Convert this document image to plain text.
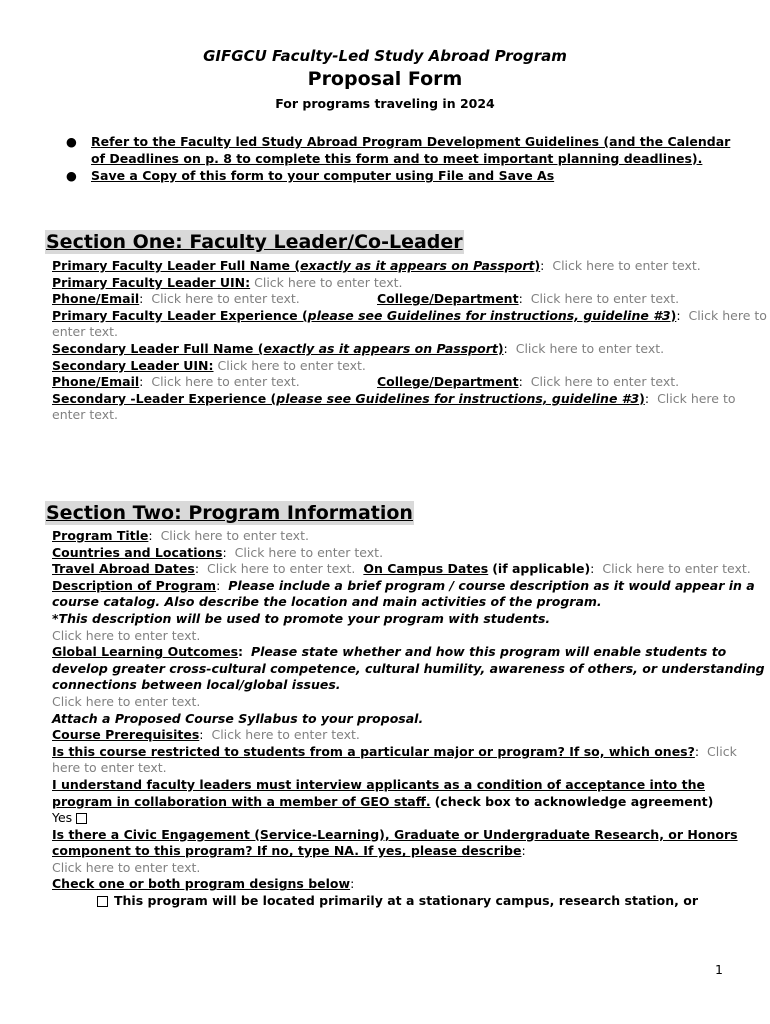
GIFGCU Faculty-Led Study Abroad Program
Proposal Form
For programs traveling in 2024
● Refer to the Faculty led Study Abroad Program Development Guidelines (and the Calendar of Deadlines on p. 8 to complete this form and to meet important planning deadlines).
● Save a Copy of this form to your computer using File and Save As
Section One: Faculty Leader/Co-Leader
Primary Faculty Leader Full Name (exactly as it appears on Passport):  Click here to enter text.
Primary Faculty Leader UIN: Click here to enter text.
Phone/Email:  Click here to enter text.	College/Department:  Click here to enter text.
Primary Faculty Leader Experience (please see Guidelines for instructions, guideline #3):  Click here to enter text.
Secondary Leader Full Name (exactly as it appears on Passport):  Click here to enter text.
Secondary Leader UIN: Click here to enter text.
Phone/Email:  Click here to enter text.	College/Department:  Click here to enter text.
Secondary -Leader Experience (please see Guidelines for instructions, guideline #3):  Click here to enter text.
Section Two: Program Information
Program Title:  Click here to enter text.
Countries and Locations:  Click here to enter text.
Travel Abroad Dates:  Click here to enter text. On Campus Dates (if applicable):  Click here to enter text.
Description of Program:  Please include a brief program / course description as it would appear in a course catalog. Also describe the location and main activities of the program.
*This description will be used to promote your program with students.
Click here to enter text.
Global Learning Outcomes: Please state whether and how this program will enable students to develop greater cross-cultural competence, cultural humility, awareness of others, or understanding connections between local/global issues.
Click here to enter text.
Attach a Proposed Course Syllabus to your proposal.
Course Prerequisites:  Click here to enter text.
Is this course restricted to students from a particular major or program? If so, which ones?:  Click here to enter text.
I understand faculty leaders must interview applicants as a condition of acceptance into the program in collaboration with a member of GEO staff. (check box to acknowledge agreement)
Yes
Is there a Civic Engagement (Service-Learning), Graduate or Undergraduate Research, or Honors component to this program? If no, type NA. If yes, please describe:
Click here to enter text.
Check one or both program designs below:
This program will be located primarily at a stationary campus, research station, or
1
